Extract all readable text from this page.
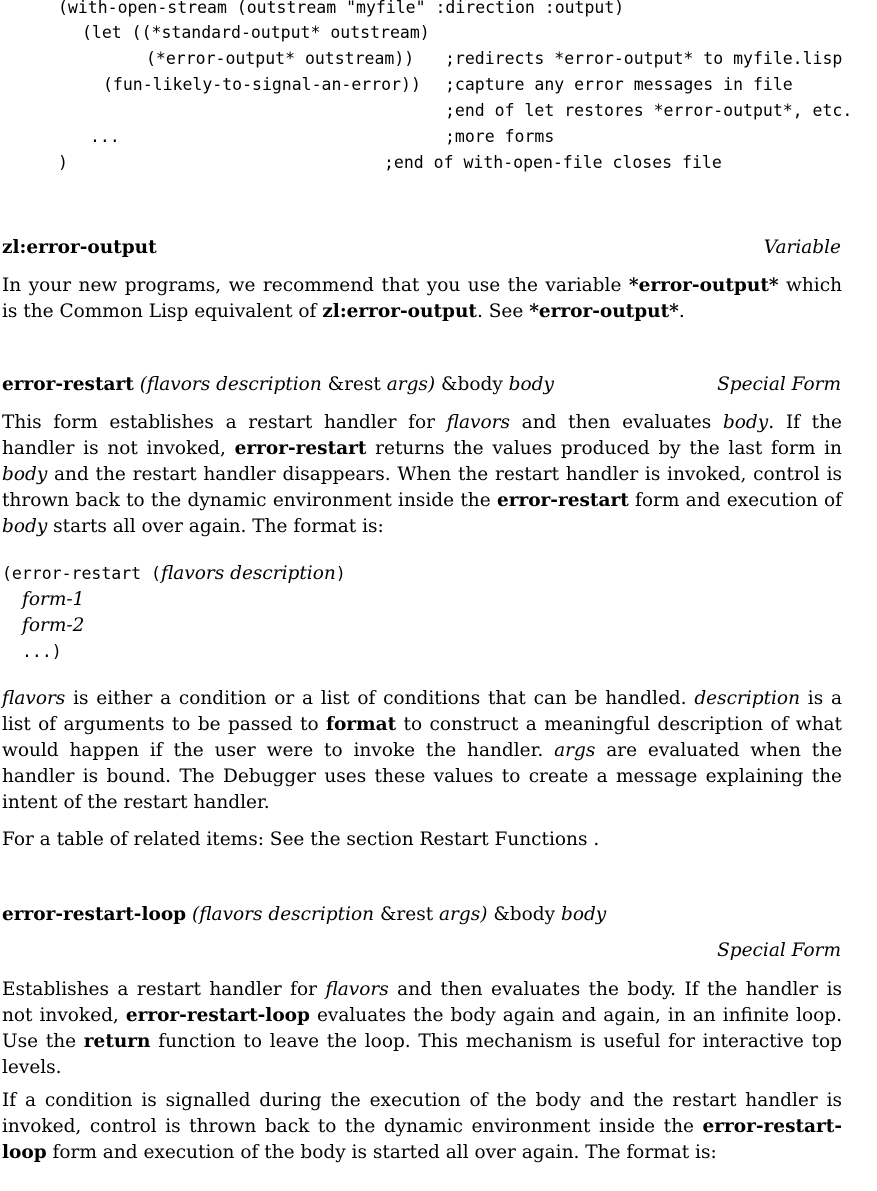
(with-open-stream (outstream "myfile" :direction :output)
(let ((*standard-output* outstream)
(*error-output* outstream)) ;redirects *error-output* to myfile.lisp
(fun-likely-to-signal-an-error)) ;capture any error messages in file
;end of let restores *error-output*, etc.
...	;more forms
)	;end of with-open-file closes file
zl:error-output	Variable
In your new programs, we recommend that you use the variable *error-output* which is the Common Lisp equivalent of zl:error-output. See *error-output*.
error-restart (flavors description &rest args) &body body	Special Form
This form establishes a restart handler for flavors and then evaluates body. If the handler is not invoked, error-restart returns the values produced by the last form in body and the restart handler disappears. When the restart handler is invoked, control is thrown back to the dynamic environment inside the error-restart form and execution of body starts all over again. The format is:
(error-restart (flavors description)
form-1
form-2
...)
flavors is either a condition or a list of conditions that can be handled. description is a list of arguments to be passed to format to construct a meaningful description of what would happen if the user were to invoke the handler. args are evaluated when the handler is bound. The Debugger uses these values to create a message explaining the intent of the restart handler.
For a table of related items: See the section Restart Functions .
error-restart-loop (flavors description &rest args) &body body
Special Form
Establishes a restart handler for flavors and then evaluates the body. If the handler is not invoked, error-restart-loop evaluates the body again and again, in an infinite loop. Use the return function to leave the loop. This mechanism is useful for interactive top levels.
If a condition is signalled during the execution of the body and the restart handler is invoked, control is thrown back to the dynamic environment inside the error-restart-loop form and execution of the body is started all over again. The format is:
